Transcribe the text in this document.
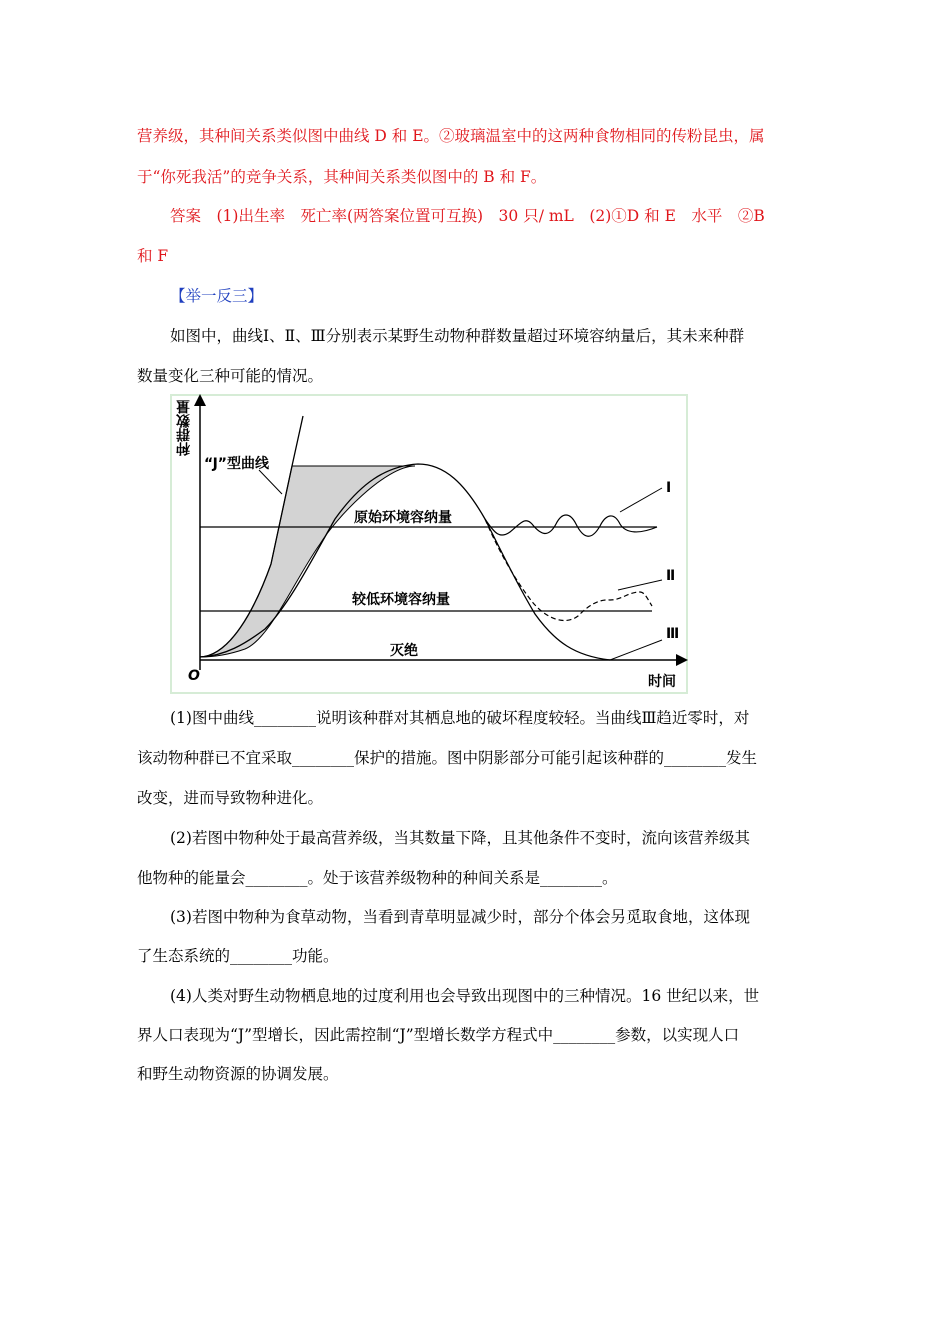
营养级，其种间关系类似图中曲线 D 和 E。②玻璃温室中的这两种食物相同的传粉昆虫，属
于“你死我活”的竞争关系，其种间关系类似图中的 B 和 F。
答案　(1)出生率　死亡率(两答案位置可互换)　30 只/ mL　(2)①D 和 E　水平　②B
和 F
【举一反三】
如图中，曲线Ⅰ、Ⅱ、Ⅲ分别表示某野生动物种群数量超过环境容纳量后，其未来种群
数量变化三种可能的情况。
“J”型曲线
原始环境容纳量
较低环境容纳量
灭绝
O	时间
Ⅰ
Ⅱ
Ⅲ
种群数量
(1)图中曲线________说明该种群对其栖息地的破坏程度较轻。当曲线Ⅲ趋近零时，对
该动物种群已不宜采取________保护的措施。图中阴影部分可能引起该种群的________发生
改变，进而导致物种进化。
(2)若图中物种处于最高营养级，当其数量下降，且其他条件不变时，流向该营养级其
他物种的能量会________。处于该营养级物种的种间关系是________。
(3)若图中物种为食草动物，当看到青草明显减少时，部分个体会另觅取食地，这体现
了生态系统的________功能。
(4)人类对野生动物栖息地的过度利用也会导致出现图中的三种情况。16 世纪以来，世
界人口表现为“J”型增长，因此需控制“J”型增长数学方程式中________参数，以实现人口
和野生动物资源的协调发展。
